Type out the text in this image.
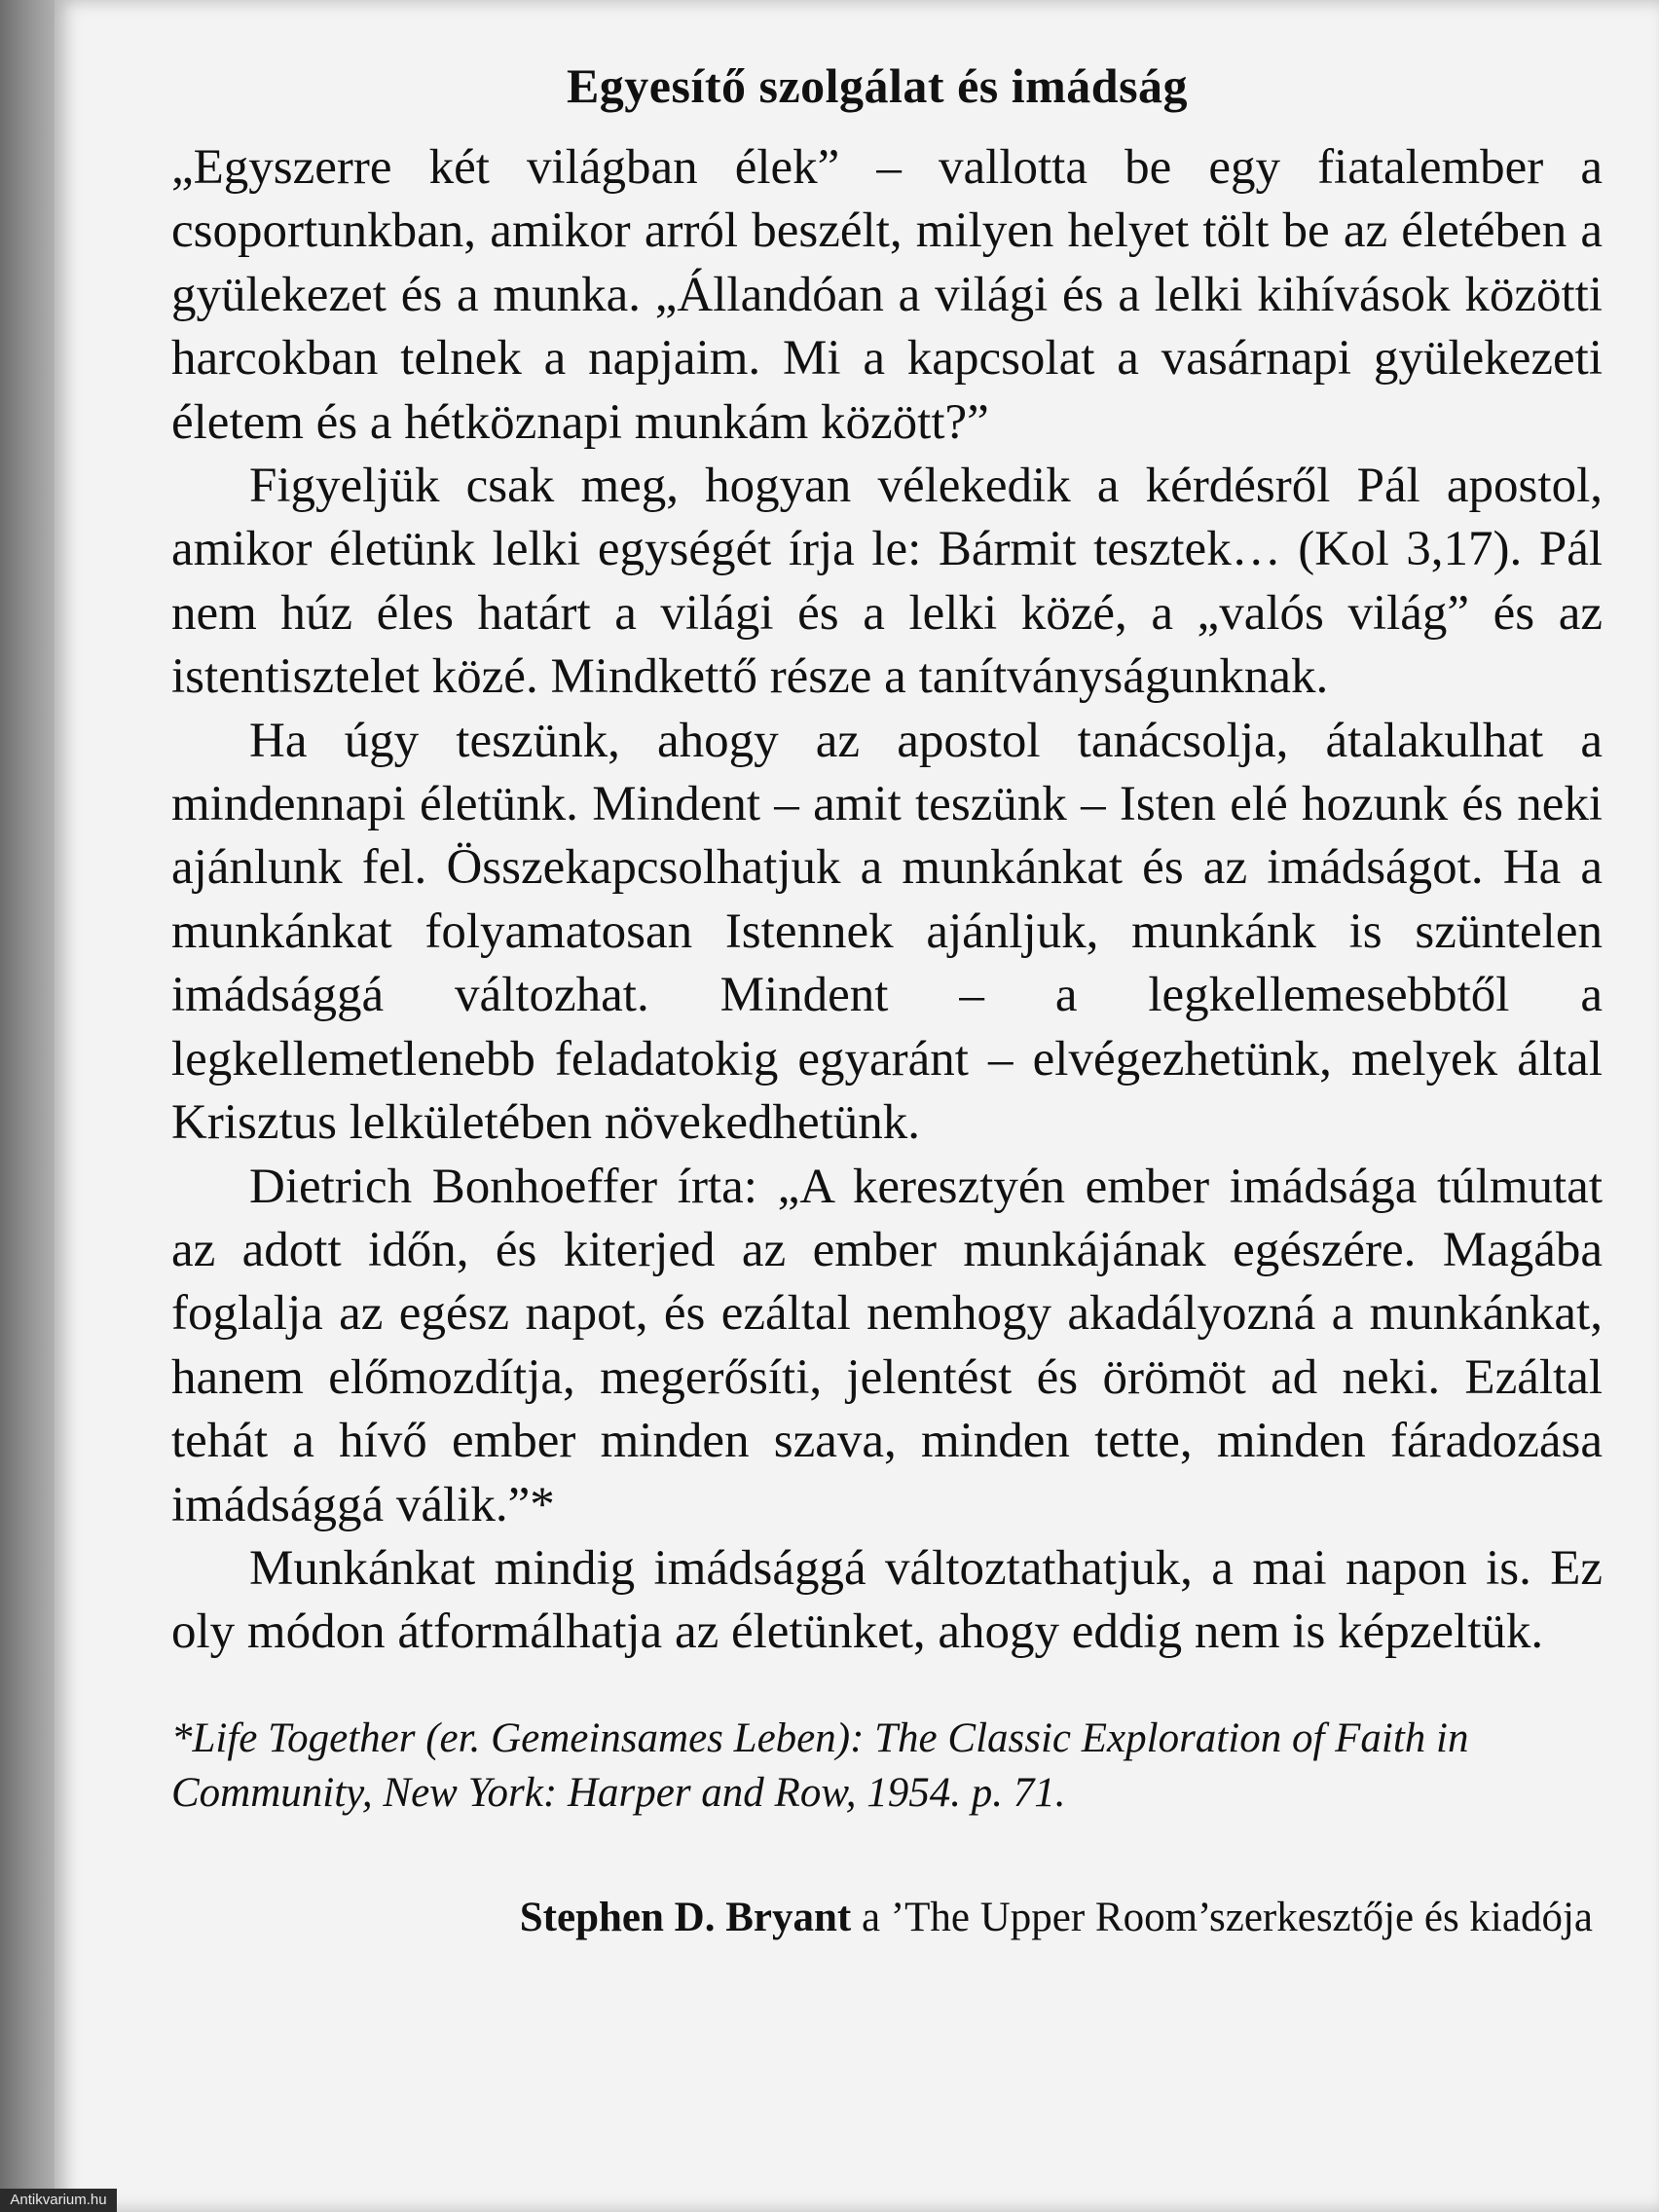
Egyesítő szolgálat és imádság

„Egyszerre két világban élek” – vallotta be egy fiatalember a csoportunkban, amikor arról beszélt, milyen helyet tölt be az életében a gyülekezet és a munka. „Állandóan a világi és a lelki kihívások közötti harcokban telnek a napjaim. Mi a kapcsolat a vasárnapi gyülekezeti életem és a hétköznapi munkám között?”

Figyeljük csak meg, hogyan vélekedik a kérdésről Pál apostol, amikor életünk lelki egységét írja le: Bármit tesztek… (Kol 3,17). Pál nem húz éles határt a világi és a lelki közé, a „valós világ” és az istentisztelet közé. Mindkettő része a tanítványságunknak.

Ha úgy teszünk, ahogy az apostol tanácsolja, átalakulhat a mindennapi életünk. Mindent – amit teszünk – Isten elé hozunk és neki ajánlunk fel. Összekapcsolhatjuk a munkánkat és az imádságot. Ha a munkánkat folyamatosan Istennek ajánljuk, munkánk is szüntelen imádsággá változhat. Mindent – a legkellemesebbtől a legkellemetlenebb feladatokig egyaránt – elvégezhetünk, melyek által Krisztus lelkületében növekedhetünk.

Dietrich Bonhoeffer írta: „A keresztyén ember imádsága túlmutat az adott időn, és kiterjed az ember munkájának egészére. Magába foglalja az egész napot, és ezáltal nemhogy akadályozná a munkánkat, hanem előmozdítja, megerősíti, jelentést és örömöt ad neki. Ezáltal tehát a hívő ember minden szava, minden tette, minden fáradozása imádsággá válik.”*

Munkánkat mindig imádsággá változtathatjuk, a mai napon is. Ez oly módon átformálhatja az életünket, ahogy eddig nem is képzeltük.

*Life Together (er. Gemeinsames Leben): The Classic Exploration of Faith in Community, New York: Harper and Row, 1954. p. 71.
Stephen D. Bryant a ’The Upper Room’szerkesztője és kiadója
Antikvarium.hu
